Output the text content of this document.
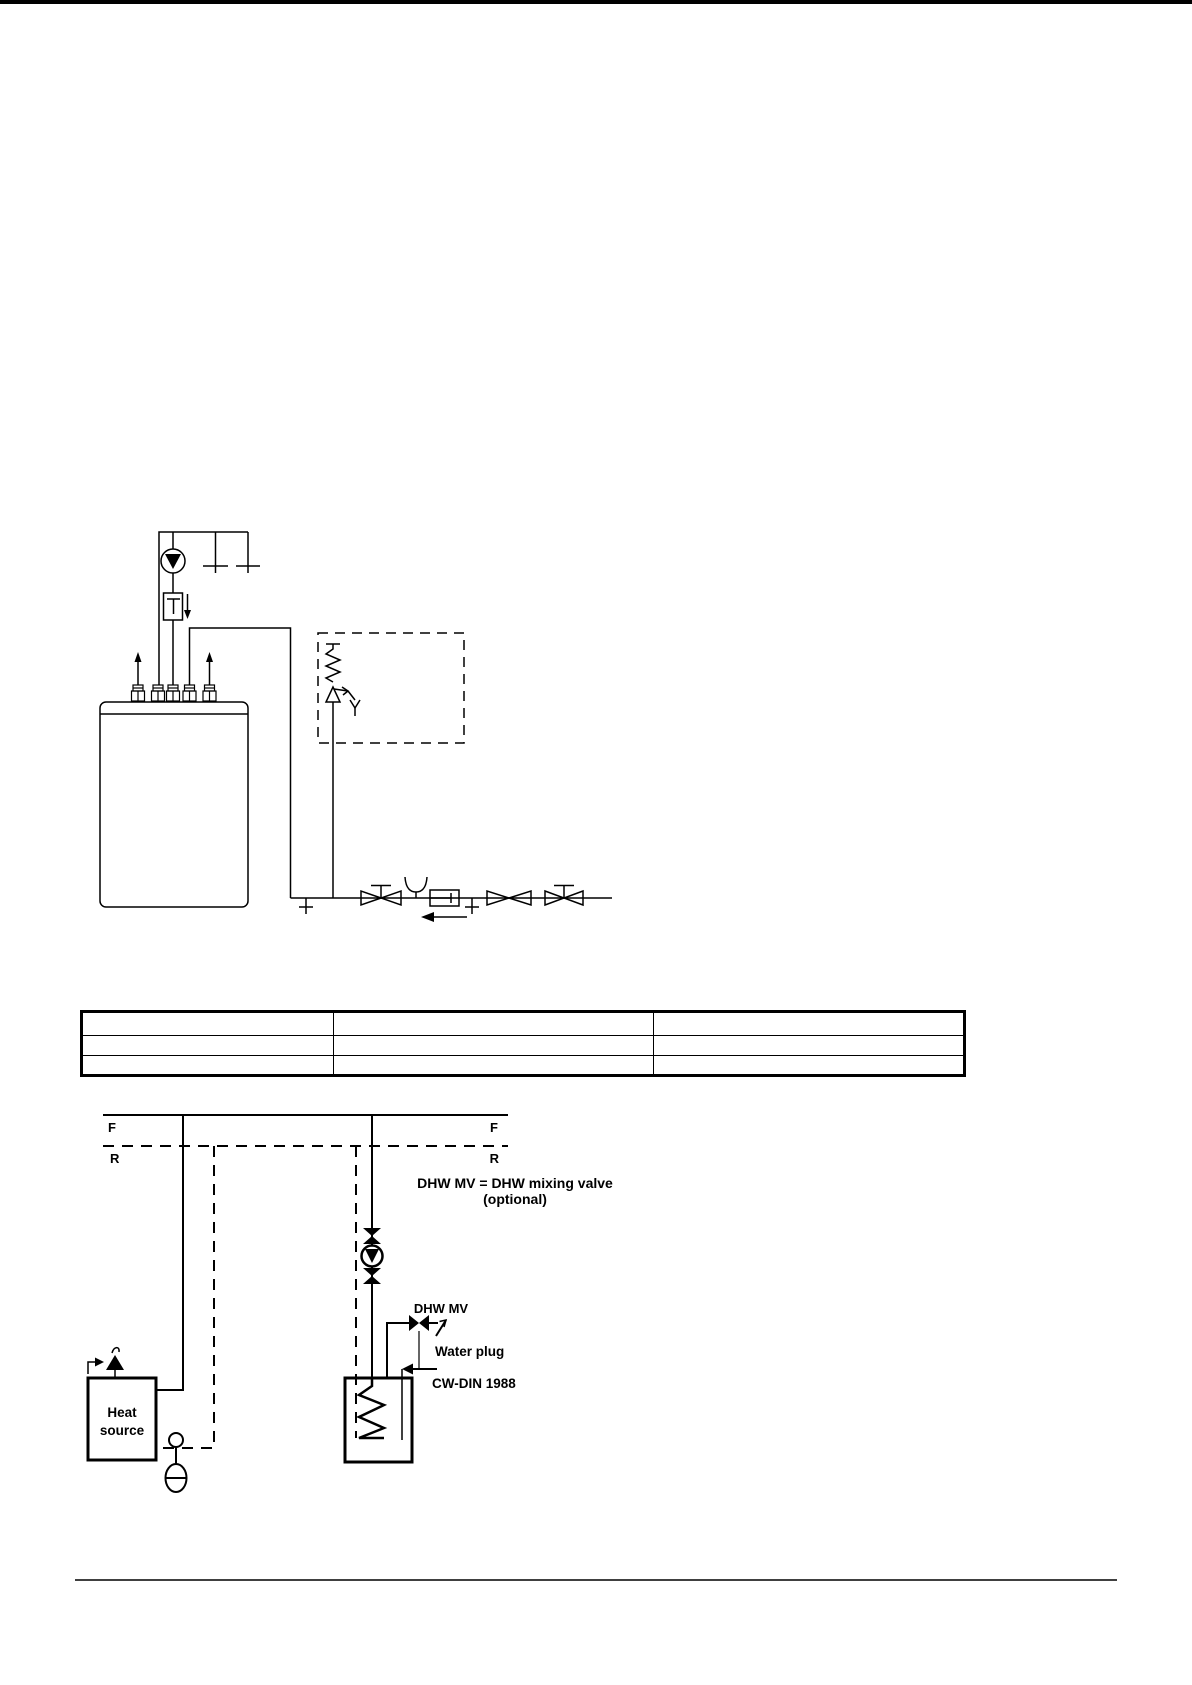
F	F
R	R
DHW MV = DHW mixing valve
(optional)
Heat
source
DHW MV
Water plug
CW-DIN 1988
